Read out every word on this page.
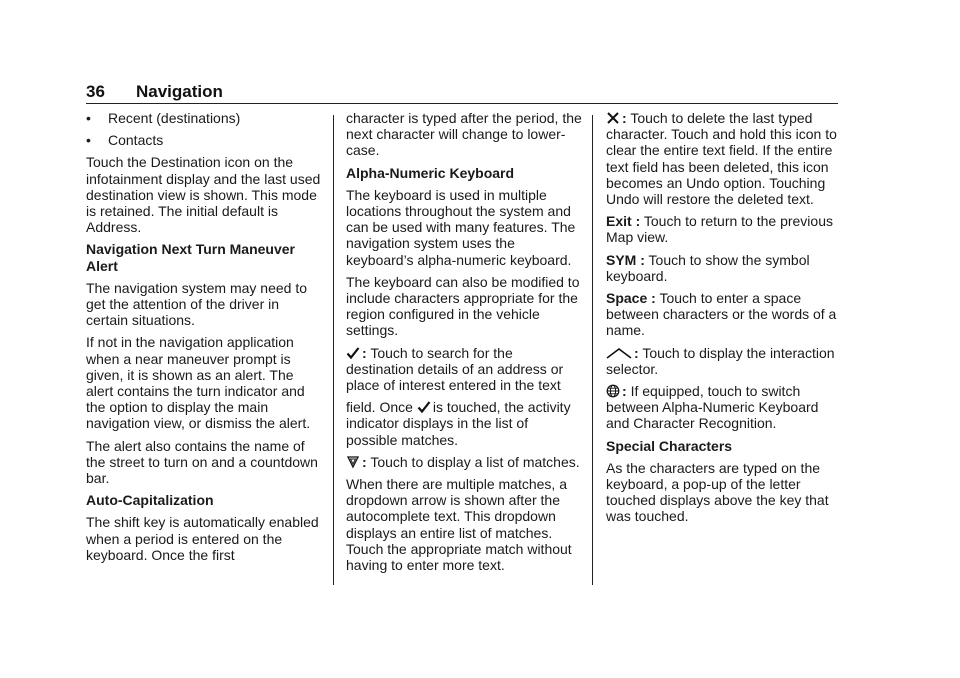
36 Navigation
• Recent (destinations)
• Contacts

Touch the Destination icon on the infotainment display and the last used destination view is shown. This mode is retained. The initial default is Address.

Navigation Next Turn Maneuver Alert

The navigation system may need to get the attention of the driver in certain situations.

If not in the navigation application when a near maneuver prompt is given, it is shown as an alert. The alert contains the turn indicator and the option to display the main navigation view, or dismiss the alert.

The alert also contains the name of the street to turn on and a countdown bar.

Auto-Capitalization

The shift key is automatically enabled when a period is entered on the keyboard. Once the first

character is typed after the period, the next character will change to lower-case.

Alpha-Numeric Keyboard

The keyboard is used in multiple locations throughout the system and can be used with many features. The navigation system uses the keyboard’s alpha-numeric keyboard.

The keyboard can also be modified to include characters appropriate for the region configured in the vehicle settings.

: Touch to search for the destination details of an address or place of interest entered in the text

field. Once is touched, the activity indicator displays in the list of possible matches.

: Touch to display a list of matches.

When there are multiple matches, a dropdown arrow is shown after the autocomplete text. This dropdown displays an entire list of matches. Touch the appropriate match without having to enter more text.

: Touch to delete the last typed character. Touch and hold this icon to clear the entire text field. If the entire text field has been deleted, this icon becomes an Undo option. Touching Undo will restore the deleted text.

Exit : Touch to return to the previous Map view.

SYM : Touch to show the symbol keyboard.

Space : Touch to enter a space between characters or the words of a name.

: Touch to display the interaction selector.

: If equipped, touch to switch between Alpha-Numeric Keyboard and Character Recognition.

Special Characters

As the characters are typed on the keyboard, a pop-up of the letter touched displays above the key that was touched.
